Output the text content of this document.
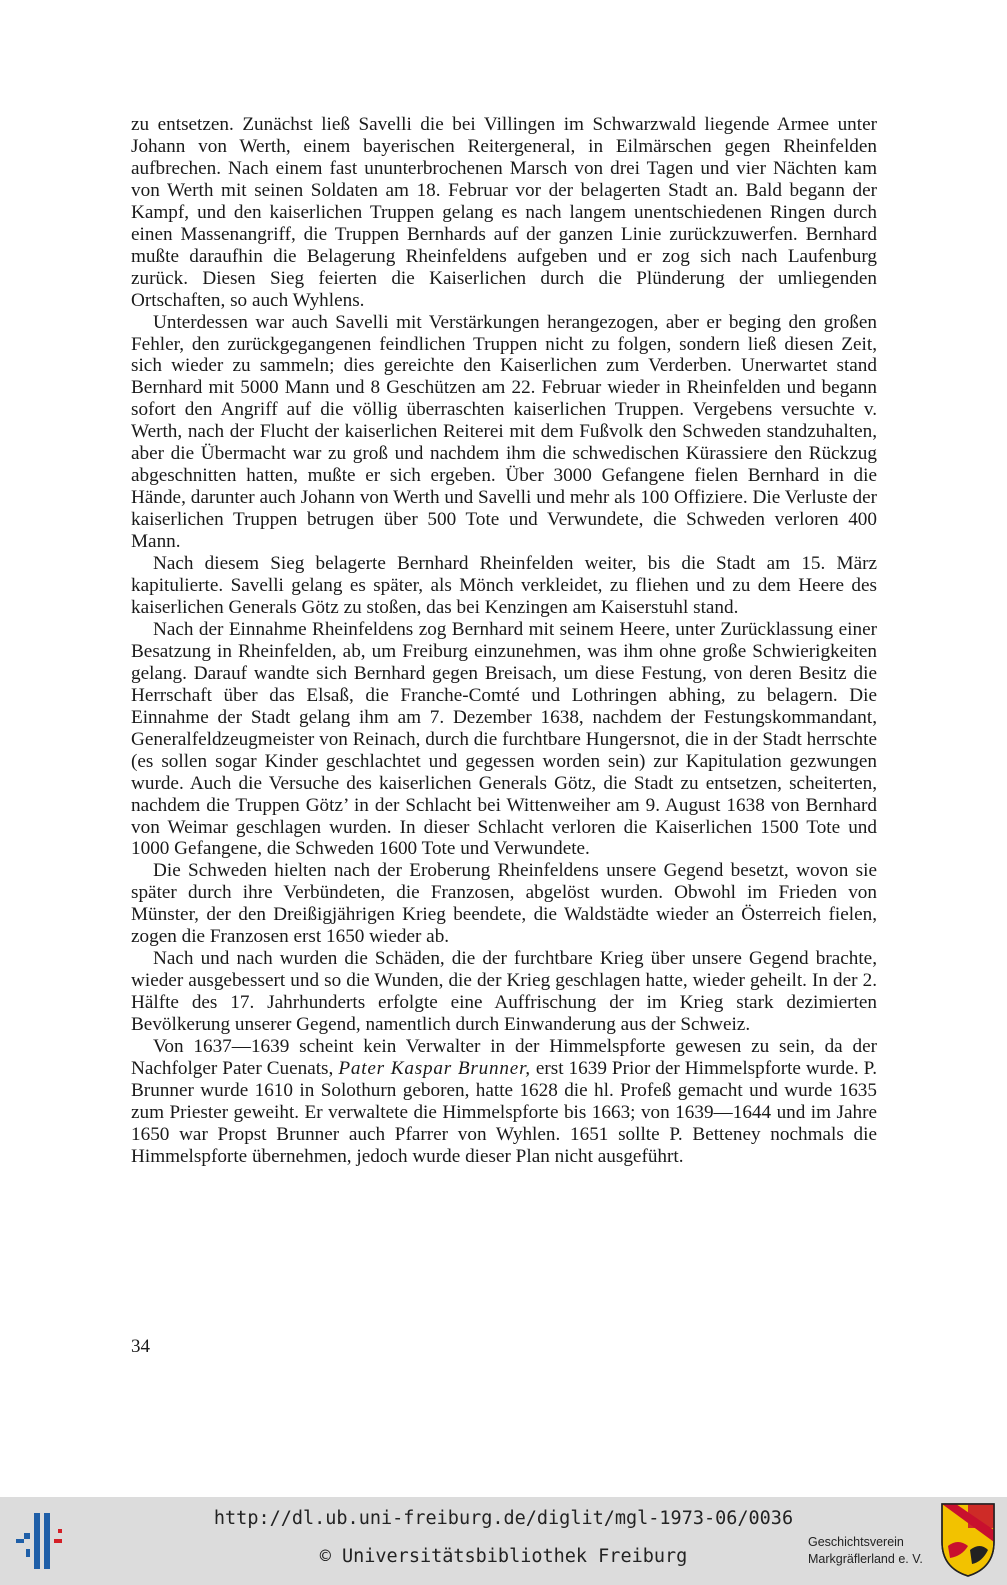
zu entsetzen. Zunächst ließ Savelli die bei Villingen im Schwarzwald liegende Armee unter Johann von Werth, einem bayerischen Reitergeneral, in Eilmärschen gegen Rheinfelden aufbrechen. Nach einem fast ununterbrochenen Marsch von drei Tagen und vier Nächten kam von Werth mit seinen Soldaten am 18. Februar vor der belagerten Stadt an. Bald begann der Kampf, und den kaiserlichen Truppen gelang es nach langem unentschiedenen Ringen durch einen Massenangriff, die Truppen Bernhards auf der ganzen Linie zurückzuwerfen. Bernhard mußte daraufhin die Belagerung Rheinfeldens aufgeben und er zog sich nach Laufenburg zurück. Diesen Sieg feierten die Kaiserlichen durch die Plünderung der umliegenden Ortschaften, so auch Wyhlens.

Unterdessen war auch Savelli mit Verstärkungen herangezogen, aber er beging den großen Fehler, den zurückgegangenen feindlichen Truppen nicht zu folgen, sondern ließ diesen Zeit, sich wieder zu sammeln; dies gereichte den Kaiserlichen zum Verderben. Unerwartet stand Bernhard mit 5000 Mann und 8 Geschützen am 22. Februar wieder in Rheinfelden und begann sofort den Angriff auf die völlig überraschten kaiserlichen Truppen. Vergebens versuchte v. Werth, nach der Flucht der kaiserlichen Reiterei mit dem Fußvolk den Schweden standzuhalten, aber die Übermacht war zu groß und nachdem ihm die schwedischen Kürassiere den Rückzug abgeschnitten hatten, mußte er sich ergeben. Über 3000 Gefangene fielen Bernhard in die Hände, darunter auch Johann von Werth und Savelli und mehr als 100 Offiziere. Die Verluste der kaiserlichen Truppen betrugen über 500 Tote und Verwundete, die Schweden verloren 400 Mann.

Nach diesem Sieg belagerte Bernhard Rheinfelden weiter, bis die Stadt am 15. März kapitulierte. Savelli gelang es später, als Mönch verkleidet, zu fliehen und zu dem Heere des kaiserlichen Generals Götz zu stoßen, das bei Kenzingen am Kaiserstuhl stand.

Nach der Einnahme Rheinfeldens zog Bernhard mit seinem Heere, unter Zurücklassung einer Besatzung in Rheinfelden, ab, um Freiburg einzunehmen, was ihm ohne große Schwierigkeiten gelang. Darauf wandte sich Bernhard gegen Breisach, um diese Festung, von deren Besitz die Herrschaft über das Elsaß, die Franche-Comté und Lothringen abhing, zu belagern. Die Einnahme der Stadt gelang ihm am 7. Dezember 1638, nachdem der Festungskommandant, Generalfeldzeugmeister von Reinach, durch die furchtbare Hungersnot, die in der Stadt herrschte (es sollen sogar Kinder geschlachtet und gegessen worden sein) zur Kapitulation gezwungen wurde. Auch die Versuche des kaiserlichen Generals Götz, die Stadt zu entsetzen, scheiterten, nachdem die Truppen Götz’ in der Schlacht bei Wittenweiher am 9. August 1638 von Bernhard von Weimar geschlagen wurden. In dieser Schlacht verloren die Kaiserlichen 1500 Tote und 1000 Gefangene, die Schweden 1600 Tote und Verwundete.

Die Schweden hielten nach der Eroberung Rheinfeldens unsere Gegend besetzt, wovon sie später durch ihre Verbündeten, die Franzosen, abgelöst wurden. Obwohl im Frieden von Münster, der den Dreißigjährigen Krieg beendete, die Waldstädte wieder an Österreich fielen, zogen die Franzosen erst 1650 wieder ab.

Nach und nach wurden die Schäden, die der furchtbare Krieg über unsere Gegend brachte, wieder ausgebessert und so die Wunden, die der Krieg geschlagen hatte, wieder geheilt. In der 2. Hälfte des 17. Jahrhunderts erfolgte eine Auffrischung der im Krieg stark dezimierten Bevölkerung unserer Gegend, namentlich durch Einwanderung aus der Schweiz.

Von 1637—1639 scheint kein Verwalter in der Himmelspforte gewesen zu sein, da der Nachfolger Pater Cuenats, Pater Kaspar Brunner, erst 1639 Prior der Himmelspforte wurde. P. Brunner wurde 1610 in Solothurn geboren, hatte 1628 die hl. Profeß gemacht und wurde 1635 zum Priester geweiht. Er verwaltete die Himmelspforte bis 1663; von 1639—1644 und im Jahre 1650 war Propst Brunner auch Pfarrer von Wyhlen. 1651 sollte P. Betteney nochmals die Himmelspforte übernehmen, jedoch wurde dieser Plan nicht ausgeführt.

34
http://dl.ub.uni-freiburg.de/diglit/mgl-1973-06/0036
© Universitätsbibliothek Freiburg
Geschichtsverein
Markgräflerland e. V.
